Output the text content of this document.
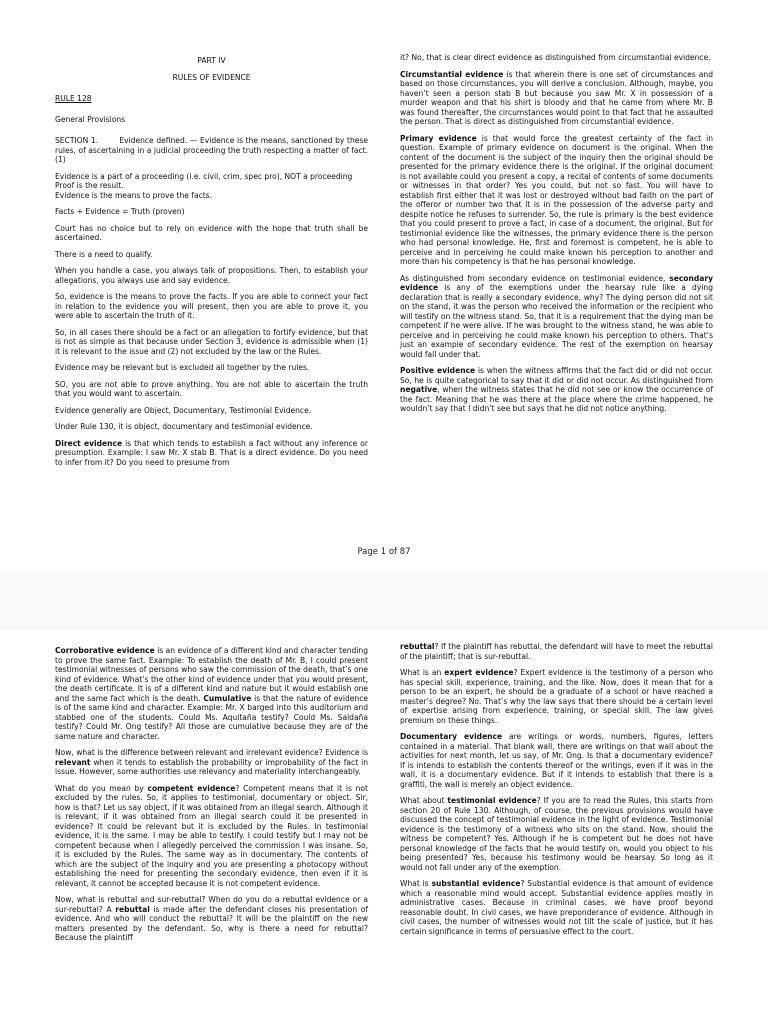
PART IV

RULES OF EVIDENCE

RULE 128

General Provisions

SECTION 1.        Evidence defined. — Evidence is the means, sanctioned by these rules, of ascertaining in a judicial proceeding the truth respecting a matter of fact. (1)

Evidence is a part of a proceeding (i.e. civil, crim, spec pro), NOT a proceeding
Proof is the result.
Evidence is the means to prove the facts.

Facts + Evidence = Truth (proven)

Court has no choice but to rely on evidence with the hope that truth shall be ascertained.

There is a need to qualify.

When you handle a case, you always talk of propositions. Then, to establish your allegations, you always use and say evidence.

So, evidence is the means to prove the facts. If you are able to connect your fact in relation to the evidence you will present, then you are able to prove it, you were able to ascertain the truth of it.

So, in all cases there should be a fact or an allegation to fortify evidence, but that is not as simple as that because under Section 3, evidence is admissible when (1) it is relevant to the issue and (2) not excluded by the law or the Rules.

Evidence may be relevant but is excluded all together by the rules.

SO, you are not able to prove anything. You are not able to ascertain the truth that you would want to ascertain.

Evidence generally are Object, Documentary, Testimonial Evidence.

Under Rule 130, it is object, documentary and testimonial evidence.

Direct evidence is that which tends to establish a fact without any inference or presumption. Example: I saw Mr. X stab B. That is a direct evidence. Do you need to infer from it? Do you need to presume from

it? No, that is clear direct evidence as distinguished from circumstantial evidence.

Circumstantial evidence is that wherein there is one set of circumstances and based on those circumstances, you will derive a conclusion. Although, maybe, you haven’t seen a person stab B but because you saw Mr. X in possession of a murder weapon and that his shirt is bloody and that he came from where Mr. B was found thereafter, the circumstances would point to that fact that he assaulted the person. That is direct as distinguished from circumstantial evidence.

Primary evidence is that would force the greatest certainty of the fact in question. Example of primary evidence on document is the original. When the content of the document is the subject of the inquiry then the original should be presented for the primary evidence there is the original. If the original document is not available could you present a copy, a recital of contents of some documents or witnesses in that order? Yes you could, but not so fast. You will have to establish first either that it was lost or destroyed without bad faith on the part of the offeror or number two that it is in the possession of the adverse party and despite notice he refuses to surrender. So, the rule is primary is the best evidence that you could present to prove a fact, in case of a document, the original. But for testimonial evidence like the witnesses, the primary evidence there is the person who had personal knowledge. He, first and foremost is competent, he is able to perceive and in perceiving he could make known his perception to another and more than his competency is that he has personal knowledge.

As distinguished from secondary evidence on testimonial evidence, secondary evidence is any of the exemptions under the hearsay rule like a dying declaration that is really a secondary evidence, why? The dying person did not sit on the stand, it was the person who received the information or the recipient who will testify on the witness stand. So, that it is a requirement that the dying man be competent if he were alive. If he was brought to the witness stand, he was able to perceive and in perceiving he could make known his perception to others. That’s just an example of secondary evidence. The rest of the exemption on hearsay would fall under that.

Positive evidence is when the witness affirms that the fact did or did not occur. So, he is quite categorical to say that it did or did not occur. As distinguished from negative, when the witness states that he did not see or know the occurrence of the fact. Meaning that he was there at the place where the crime happened, he wouldn’t say that I didn’t see but says that he did not notice anything.

Page 1 of 87

Corroborative evidence is an evidence of a different kind and character tending to prove the same fact. Example: To establish the death of Mr. B, I could present testimonial witnesses of persons who saw the commission of the death, that’s one kind of evidence. What’s the other kind of evidence under that you would present, the death certificate. It is of a different kind and nature but it would establish one and the same fact which is the death. Cumulative is that the nature of evidence is of the same kind and character. Example: Mr. X barged into this auditorium and stabbed one of the students. Could Ms. Aquitaña testify? Could Ms. Saldaña testify? Could Mr. Ong testify? All those are cumulative because they are of the same nature and character.

Now, what is the difference between relevant and irrelevant evidence? Evidence is relevant when it tends to establish the probability or improbability of the fact in issue. However, some authorities use relevancy and materiality interchangeably.

What do you mean by competent evidence? Competent means that it is not excluded by the rules. So, it applies to testimonial, documentary or object. Sir, how is that? Let us say object, if it was obtained from an illegal search. Although it is relevant, if it was obtained from an illegal search could it be presented in evidence? It could be relevant but it is excluded by the Rules. In testimonial evidence, it is the same. I may be able to testify. I could testify but I may not be competent because when I allegedly perceived the commission I was insane. So, it is excluded by the Rules. The same way as in documentary. The contents of which are the subject of the inquiry and you are presenting a photocopy without establishing the need for presenting the secondary evidence, then even if it is relevant, it cannot be accepted because it is not competent evidence.

Now, what is rebuttal and sur-rebuttal? When do you do a rebuttal evidence or a sur-rebuttal? A rebuttal is made after the defendant closes his presentation of evidence. And who will conduct the rebuttal? It will be the plaintiff on the new matters presented by the defendant. So, why is there a need for rebuttal? Because the plaintiff

rebuttal? If the plaintiff has rebuttal, the defendant will have to meet the rebuttal of the plaintiff; that is sur-rebuttal.

What is an expert evidence? Expert evidence is the testimony of a person who has special skill, experience, training, and the like. Now, does it mean that for a person to be an expert, he should be a graduate of a school or have reached a master’s degree? No. That’s why the law says that there should be a certain level of expertise arising from experience, training, or special skill. The law gives premium on these things.

Documentary evidence are writings or words, numbers, figures, letters contained in a material. That blank wall, there are writings on that wall about the activities for next month, let us say, of Mr. Ong. Is that a documentary evidence? If is intends to establish the contents thereof or the writings, even if it was in the wall, it is a documentary evidence. But if it intends to establish that there is a graffiti, the wall is merely an object evidence.

What about testimonial evidence? If you are to read the Rules, this starts from section 20 of Rule 130. Although, of course, the previous provisions would have discussed the concept of testimonial evidence in the light of evidence. Testimonial evidence is the testimony of a witness who sits on the stand. Now, should the witness be competent? Yes. Although if he is competent but he does not have personal knowledge of the facts that he would testify on, would you object to his being presented? Yes, because his testimony would be hearsay. So long as it would not fall under any of the exemption.

What is substantial evidence? Substantial evidence is that amount of evidence which a reasonable mind would accept. Substantial evidence applies mostly in administrative cases. Because in criminal cases, we have proof beyond reasonable doubt. In civil cases, we have preponderance of evidence. Although in civil cases, the number of witnesses would not tilt the scale of justice, but it has certain significance in terms of persuasive effect to the court.
